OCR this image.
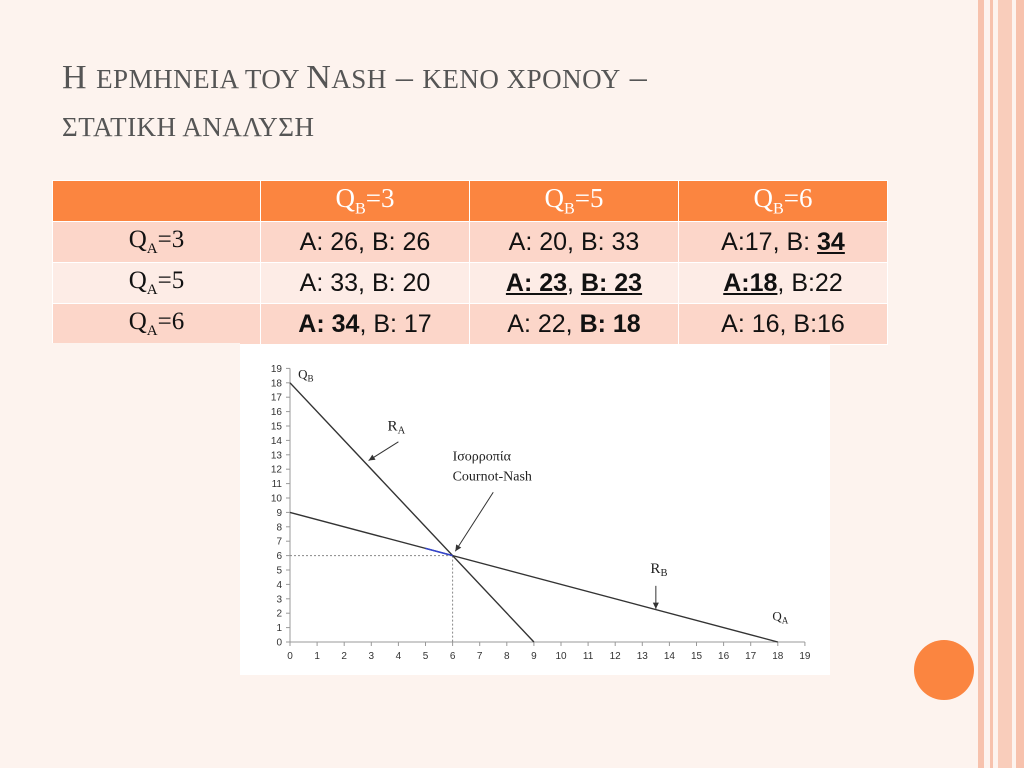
Η ΕΡΜΗΝΕΙΑ ΤΟΥ NASH – ΚΕΝΟ ΧΡΟΝΟΥ –
ΣΤΑΤΙΚΗ ΑΝΑΛΥΣΗ
	$Q_B=3$	$Q_B=5$	$Q_B=6$
$Q_A=3$	A: 26, B: 26	A: 20, B: 33	A:17, B: 34
$Q_A=5$	A: 33, B: 20	A: 23, B: 23	A:18, B:22
$Q_A=6$	A: 34, B: 17	A: 22, B: 18	A: 16, B:16
0 1 2 3 4 5 6 7 8 9 10 11 12 13 14 15 16 17 18 19
0
1
2
3
4
5
6
7
8
9
10
11
12
13
14
15
16
17
18
19 $Q_B$
$Q_A$
$R_A$
$R_B$
Ισορροπία
Cournot-Nash
